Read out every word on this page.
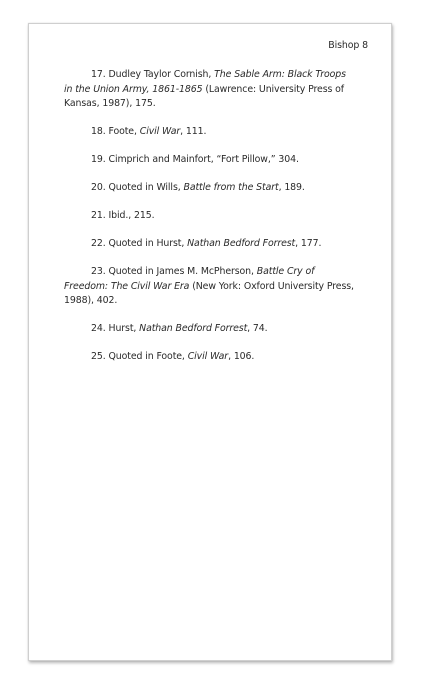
Bishop 8

17. Dudley Taylor Cornish, The Sable Arm: Black Troops in the Union Army, 1861-1865 (Lawrence: University Press of Kansas, 1987), 175.

18. Foote, Civil War, 111.

19. Cimprich and Mainfort, “Fort Pillow,” 304.

20. Quoted in Wills, Battle from the Start, 189.

21. Ibid., 215.

22. Quoted in Hurst, Nathan Bedford Forrest, 177.

23. Quoted in James M. McPherson, Battle Cry of Freedom: The Civil War Era (New York: Oxford University Press, 1988), 402.

24. Hurst, Nathan Bedford Forrest, 74.

25. Quoted in Foote, Civil War, 106.
